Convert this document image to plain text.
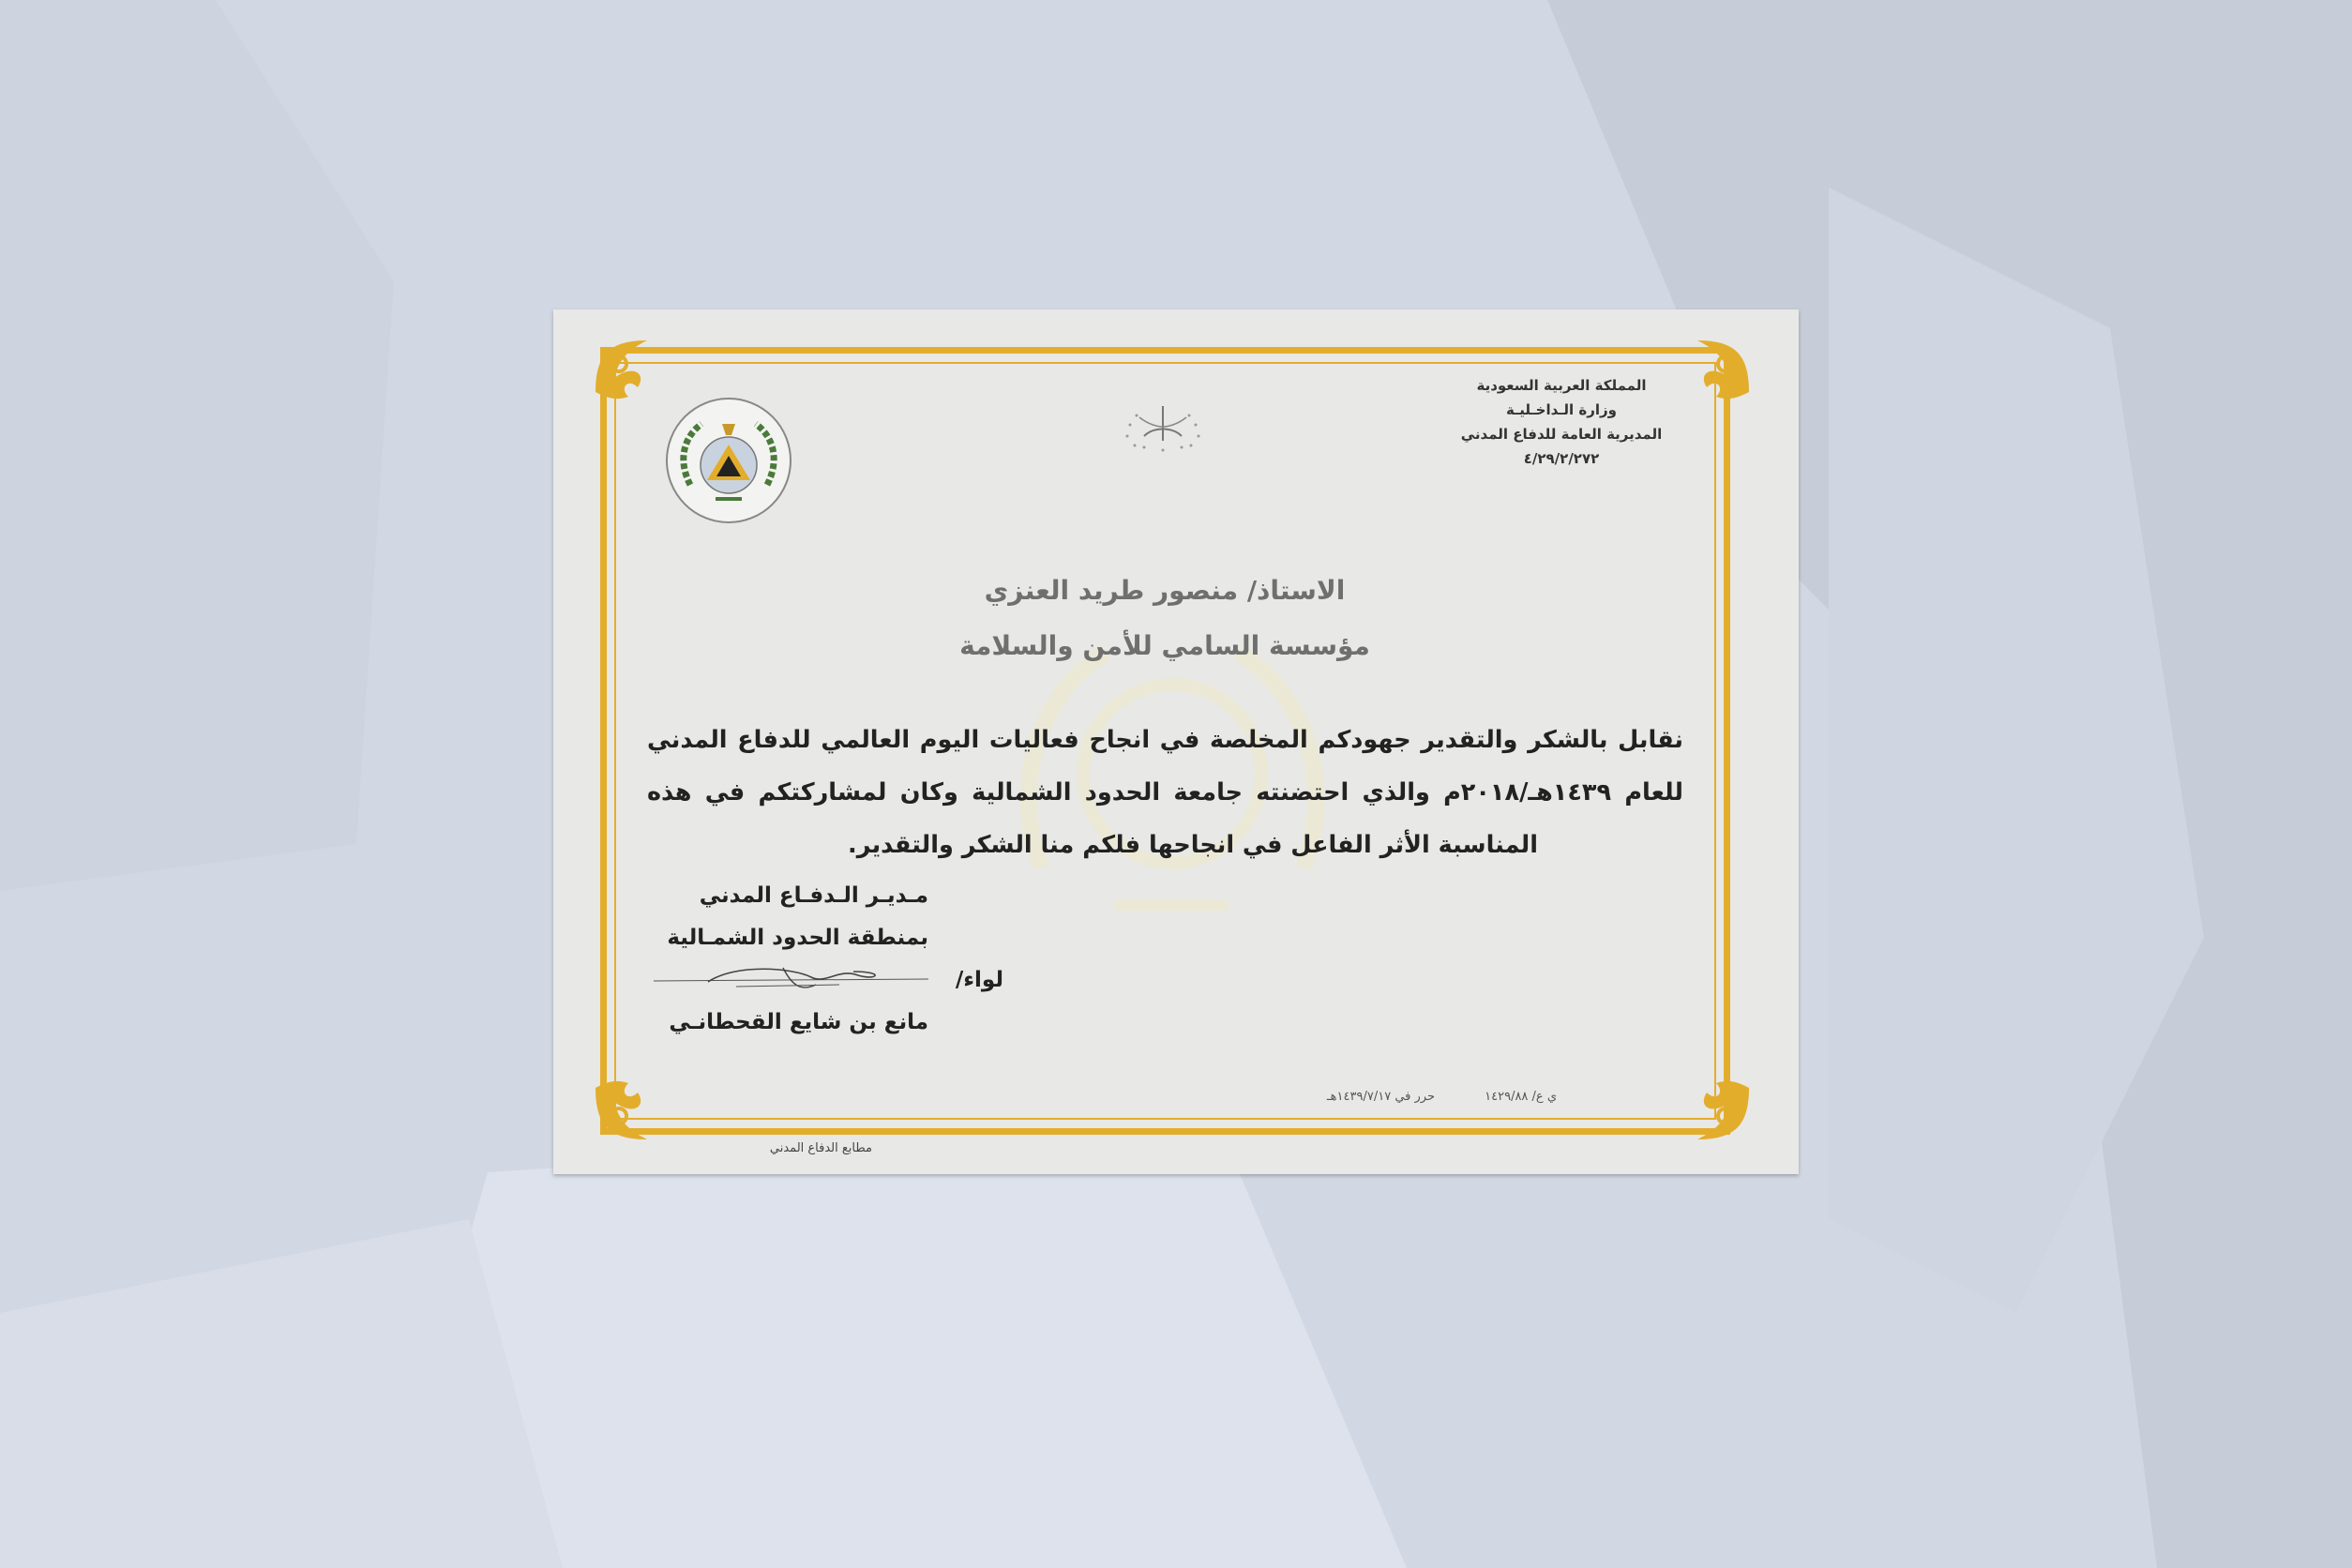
المملكة العربية السعودية
وزارة الـداخـليـة
المديرية العامة للدفاع المدني
٤/٢٩/٢/٢٧٢
الاستاذ/ منصور طريد العنزي
مؤسسة السامي للأمن والسلامة
نقابل بالشكر والتقدير جهودكم المخلصة في انجاح فعاليات اليوم العالمي للدفاع المدني
للعام ١٤٣٩هـ/٢٠١٨م والذي احتضنته جامعة الحدود الشمالية وكان لمشاركتكم في هذه
المناسبة الأثر الفاعل في انجاحها فلكم منا الشكر والتقدير.
مـديـر الـدفـاع المدني
بمنطقة الحدود الشمـالية
لواء/
مانع بن شايع القحطانـي
ي ع/ ١٤٢٩/٨٨
حرر في ١٤٣٩/٧/١٧هـ
مطابع الدفاع المدني
